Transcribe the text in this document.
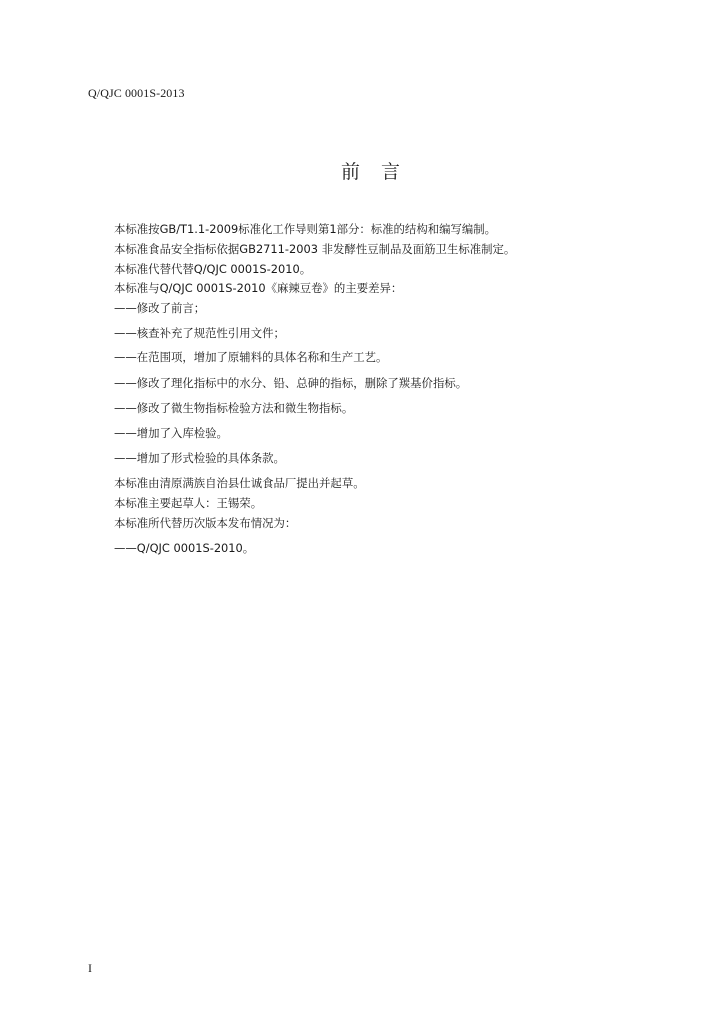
Q/QJC 0001S-2013
前　言
本标准按GB/T1.1-2009标准化工作导则第1部分：标准的结构和编写编制。
本标准食品安全指标依据GB2711-2003 非发酵性豆制品及面筋卫生标准制定。
本标准代替代替Q/QJC 0001S-2010。
本标准与Q/QJC 0001S-2010《麻辣豆卷》的主要差异：
——修改了前言；
——核查补充了规范性引用文件；
——在范围项，增加了原辅料的具体名称和生产工艺。
——修改了理化指标中的水分、铅、总砷的指标，删除了羰基价指标。
——修改了微生物指标检验方法和微生物指标。
——增加了入库检验。
——增加了形式检验的具体条款。
本标准由清原满族自治县仕诚食品厂提出并起草。
本标准主要起草人：王锡荣。
本标准所代替历次版本发布情况为：
——Q/QJC 0001S-2010。
I
